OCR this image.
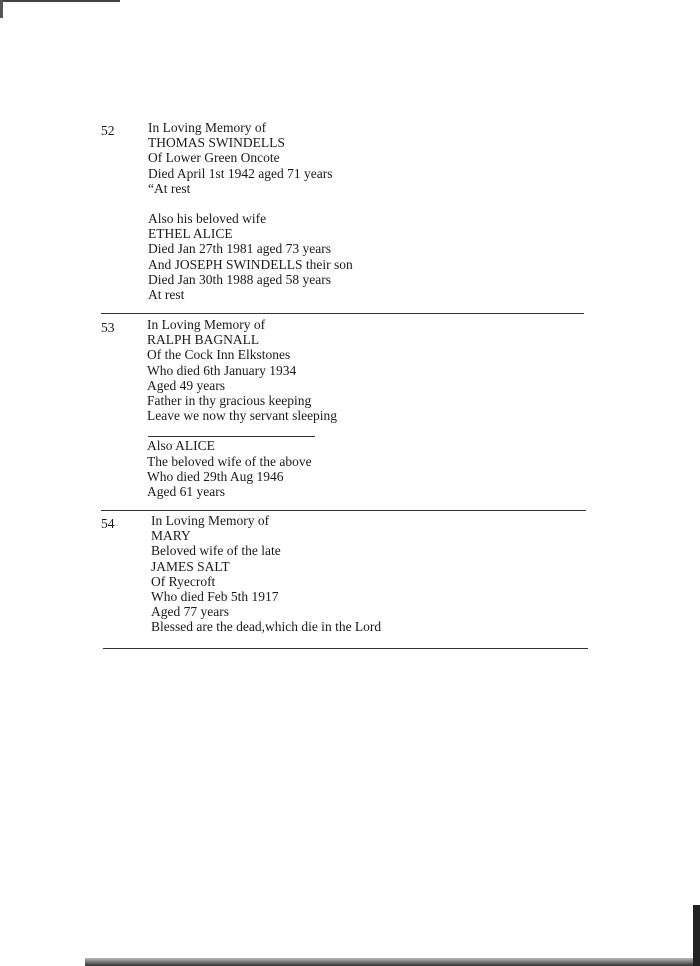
52 In Loving Memory of
THOMAS SWINDELLS
Of Lower Green Oncote
Died April 1st 1942 aged 71 years
“At rest
Also his beloved wife
ETHEL ALICE
Died Jan 27th 1981 aged 73 years
And JOSEPH SWINDELLS their son
Died Jan 30th 1988 aged 58 years
At rest
53 In Loving Memory of
RALPH BAGNALL
Of the Cock Inn Elkstones
Who died 6th January 1934
Aged 49 years
Father in thy gracious keeping
Leave we now thy servant sleeping
Also ALICE
The beloved wife of the above
Who died 29th Aug 1946
Aged 61 years
54	In Loving Memory of
MARY
Beloved wife of the late
JAMES SALT
Of Ryecroft
Who died Feb 5th 1917
Aged 77 years
Blessed are the dead,which die in the Lord
